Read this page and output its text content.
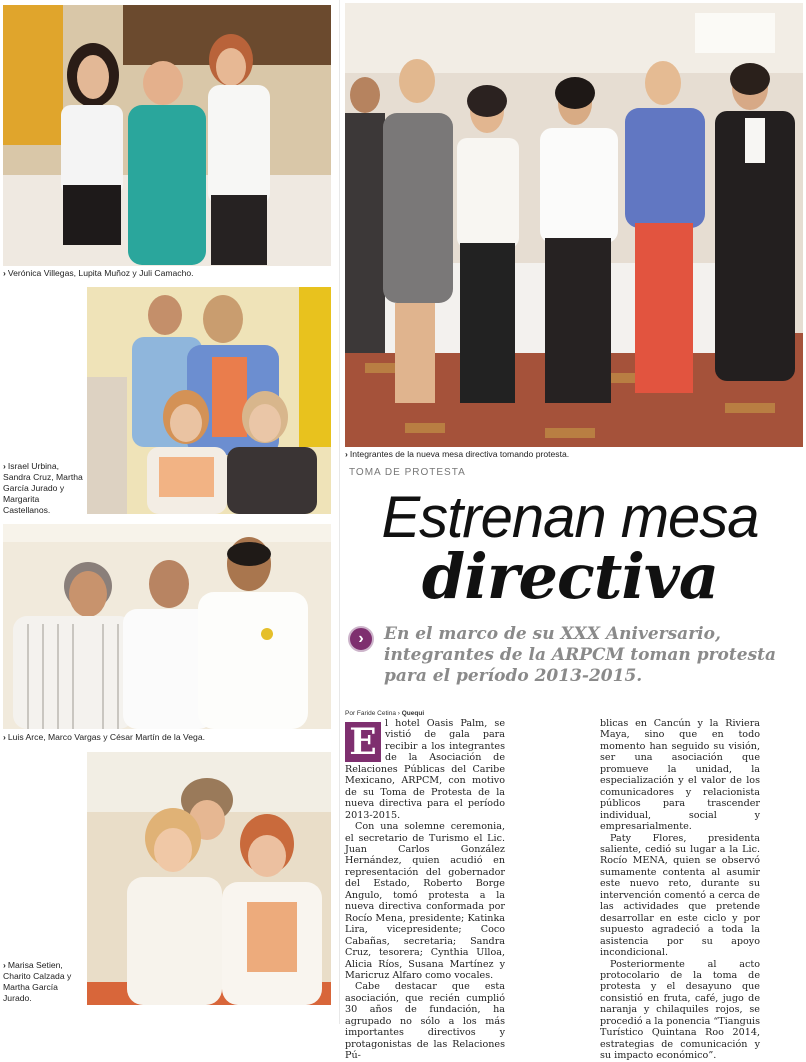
› Verónica Villegas, Lupita Muñoz y Juli Camacho.
› Israel Urbina, Sandra Cruz, Martha García Jurado y Margarita Castellanos.
› Luis Arce, Marco Vargas y César Martín de la Vega.
› Marisa Setien, Charito Calzada y Martha García Jurado.
› Integrantes de la nueva mesa directiva tomando protesta.
TOMA DE PROTESTA
Estrenan mesa
directiva
›	En el marco de su XXX Aniversario, integrantes de la ARPCM toman protesta para el período 2013-2015.
Por Faride Cetina › Quequi

E l hotel Oasis Palm, se vistió de gala para recibir a los integrantes de la Asociación de Relaciones Públicas del Caribe Mexicano, ARPCM, con motivo de su Toma de Protesta de la nueva directiva para el período 2013-2015.

Con una solemne ceremonia, el secretario de Turismo el Lic. Juan Carlos González Hernández, quien acudió en representación del gobernador del Estado, Roberto Borge Angulo, tomó protesta a la nueva directiva conformada por Rocío Mena, presidente; Katinka Lira, vicepresidente; Coco Cabañas, secretaria; Sandra Cruz, tesorera; Cynthia Ulloa, Alicia Ríos, Susana Martínez y Maricruz Alfaro como vocales.

Cabe destacar que esta asociación, que recién cumplió 30 años de fundación, ha agrupado no sólo a los más importantes directivos y protagonistas de las Relaciones Pú-

blicas en Cancún y la Riviera Maya, sino que en todo momento han seguido su visión, ser una asociación que promueve la unidad, la especialización y el valor de los comunicadores y relacionista públicos para trascender individual, social y empresarialmente.

Paty Flores, presidenta saliente, cedió su lugar a la Lic. Rocío MENA, quien se observó sumamente contenta al asumir este nuevo reto, durante su intervención comentó a cerca de las actividades que pretende desarrollar en este ciclo y por supuesto agradeció a toda la asistencia por su apoyo incondicional.

Posteriormente al acto protocolario de la toma de protesta y el desayuno que consistió en fruta, café, jugo de naranja y chilaquiles rojos, se procedió a la ponencia “Tianguis Turístico Quintana Roo 2014, estrategias de comunicación y su impacto económico”.
